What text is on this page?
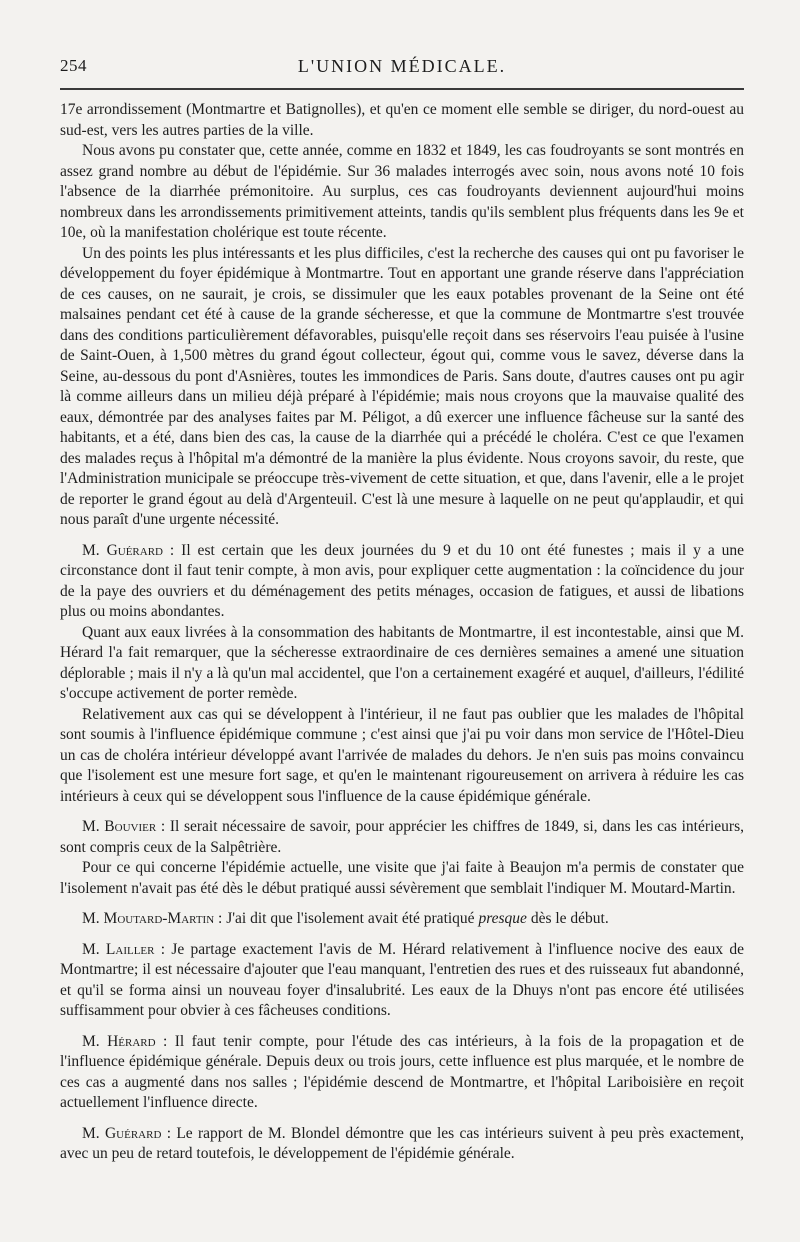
254	L'UNION MÉDICALE.

17e arrondissement (Montmartre et Batignolles), et qu'en ce moment elle semble se diriger, du nord-ouest au sud-est, vers les autres parties de la ville.

Nous avons pu constater que, cette année, comme en 1832 et 1849, les cas foudroyants se sont montrés en assez grand nombre au début de l'épidémie. Sur 36 malades interrogés avec soin, nous avons noté 10 fois l'absence de la diarrhée prémonitoire. Au surplus, ces cas foudroyants deviennent aujourd'hui moins nombreux dans les arrondissements primitivement atteints, tandis qu'ils semblent plus fréquents dans les 9e et 10e, où la manifestation cholérique est toute récente.

Un des points les plus intéressants et les plus difficiles, c'est la recherche des causes qui ont pu favoriser le développement du foyer épidémique à Montmartre. Tout en apportant une grande réserve dans l'appréciation de ces causes, on ne saurait, je crois, se dissimuler que les eaux potables provenant de la Seine ont été malsaines pendant cet été à cause de la grande sécheresse, et que la commune de Montmartre s'est trouvée dans des conditions particulièrement défavorables, puisqu'elle reçoit dans ses réservoirs l'eau puisée à l'usine de Saint-Ouen, à 1,500 mètres du grand égout collecteur, égout qui, comme vous le savez, déverse dans la Seine, au-dessous du pont d'Asnières, toutes les immondices de Paris. Sans doute, d'autres causes ont pu agir là comme ailleurs dans un milieu déjà préparé à l'épidémie; mais nous croyons que la mauvaise qualité des eaux, démontrée par des analyses faites par M. Péligot, a dû exercer une influence fâcheuse sur la santé des habitants, et a été, dans bien des cas, la cause de la diarrhée qui a précédé le choléra. C'est ce que l'examen des malades reçus à l'hôpital m'a démontré de la manière la plus évidente. Nous croyons savoir, du reste, que l'Administration municipale se préoccupe très-vivement de cette situation, et que, dans l'avenir, elle a le projet de reporter le grand égout au delà d'Argenteuil. C'est là une mesure à laquelle on ne peut qu'applaudir, et qui nous paraît d'une urgente nécessité.

M. Guérard : Il est certain que les deux journées du 9 et du 10 ont été funestes ; mais il y a une circonstance dont il faut tenir compte, à mon avis, pour expliquer cette augmentation : la coïncidence du jour de la paye des ouvriers et du déménagement des petits ménages, occasion de fatigues, et aussi de libations plus ou moins abondantes.

Quant aux eaux livrées à la consommation des habitants de Montmartre, il est incontestable, ainsi que M. Hérard l'a fait remarquer, que la sécheresse extraordinaire de ces dernières semaines a amené une situation déplorable ; mais il n'y a là qu'un mal accidentel, que l'on a certainement exagéré et auquel, d'ailleurs, l'édilité s'occupe activement de porter remède.

Relativement aux cas qui se développent à l'intérieur, il ne faut pas oublier que les malades de l'hôpital sont soumis à l'influence épidémique commune ; c'est ainsi que j'ai pu voir dans mon service de l'Hôtel-Dieu un cas de choléra intérieur développé avant l'arrivée de malades du dehors. Je n'en suis pas moins convaincu que l'isolement est une mesure fort sage, et qu'en le maintenant rigoureusement on arrivera à réduire les cas intérieurs à ceux qui se développent sous l'influence de la cause épidémique générale.

M. Bouvier : Il serait nécessaire de savoir, pour apprécier les chiffres de 1849, si, dans les cas intérieurs, sont compris ceux de la Salpêtrière.

Pour ce qui concerne l'épidémie actuelle, une visite que j'ai faite à Beaujon m'a permis de constater que l'isolement n'avait pas été dès le début pratiqué aussi sévèrement que semblait l'indiquer M. Moutard-Martin.

M. Moutard-Martin : J'ai dit que l'isolement avait été pratiqué presque dès le début.

M. Lailler : Je partage exactement l'avis de M. Hérard relativement à l'influence nocive des eaux de Montmartre; il est nécessaire d'ajouter que l'eau manquant, l'entretien des rues et des ruisseaux fut abandonné, et qu'il se forma ainsi un nouveau foyer d'insalubrité. Les eaux de la Dhuys n'ont pas encore été utilisées suffisamment pour obvier à ces fâcheuses conditions.

M. Hérard : Il faut tenir compte, pour l'étude des cas intérieurs, à la fois de la propagation et de l'influence épidémique générale. Depuis deux ou trois jours, cette influence est plus marquée, et le nombre de ces cas a augmenté dans nos salles ; l'épidémie descend de Montmartre, et l'hôpital Lariboisière en reçoit actuellement l'influence directe.

M. Guérard : Le rapport de M. Blondel démontre que les cas intérieurs suivent à peu près exactement, avec un peu de retard toutefois, le développement de l'épidémie générale.
